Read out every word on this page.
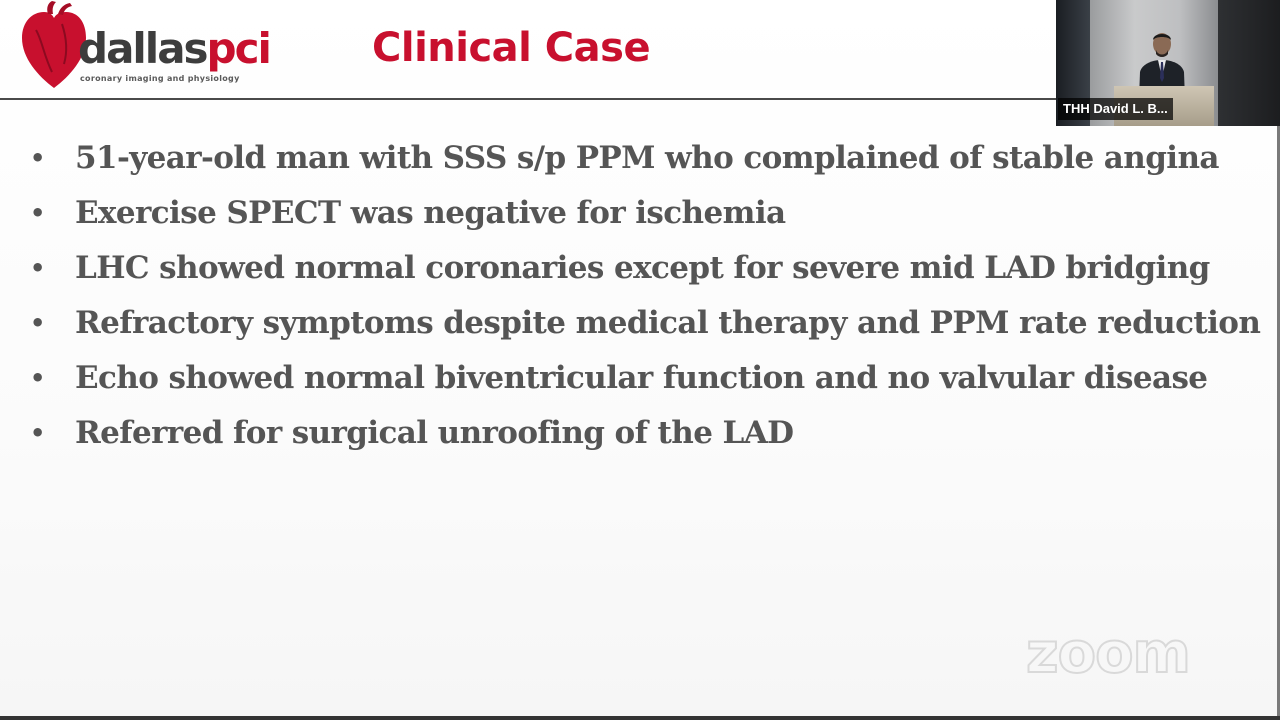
dallaspci
coronary imaging and physiology
Clinical Case
• 51-year-old man with SSS s/p PPM who complained of stable angina
• Exercise SPECT was negative for ischemia
• LHC showed normal coronaries except for severe mid LAD bridging
• Refractory symptoms despite medical therapy and PPM rate reduction
• Echo showed normal biventricular function and no valvular disease
• Referred for surgical unroofing of the LAD
zoom
THH David L. B...
